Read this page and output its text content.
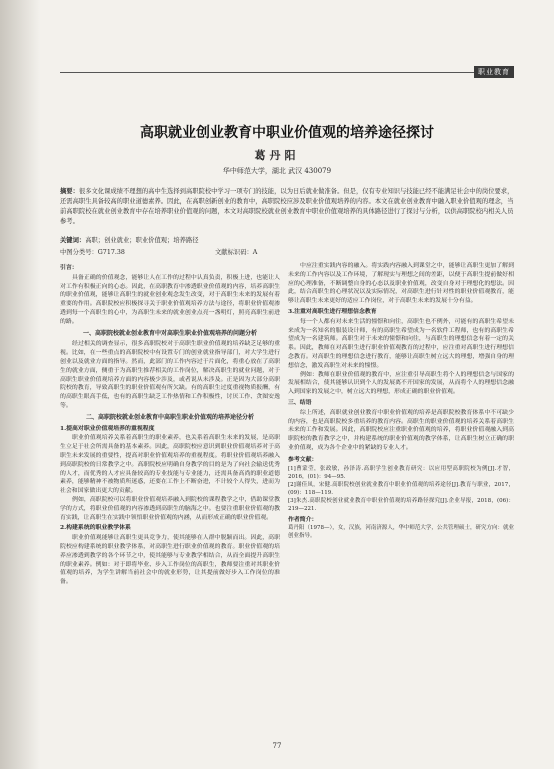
职业教育
高职就业创业教育中职业价值观的培养途径探讨
葛丹阳
华中师范大学，湖北 武汉 430079
摘要：很多文化课成绩不理想的高中生选择到高职院校中学习一项专门的技能，以为日后就业做准备。但是，仅有专业知识与技能已经不能满足社会中的岗位要求，还需高职生具备较高的职业道德素养。因此，在高职创新创业的教育中，高职院校应涉及职业价值观培养的内容。本文在就业创业教育中融入职业价值观的理念，当前高职院校在就业创业教育中存在培养职业价值观的问题，本文对高职院校就业创业教育中职业价值观培养的具体路径进行了探讨与分析，以供高职院校内相关人员参考。
关键词：高职；创业就业；职业价值观；培养路径
中图分类号：G717.38	文献标识码：A

引言：

具备正确的价值观念，能够让人在工作的过程中认真负责，积极上进，也能让人对工作有积极正向的心态。因此，在高职教育中渗透职业价值观的内容，培养高职生的职业价值观，能够让高职生的就业创业观念发生改变，对于高职生未来的发展有着重要的作用。高职院校应积极探寻关于职业价值观培养方法与途径，将职业价值观渗透到每一个高职生的心中，为高职生未来的就业创业点亮一盏明灯，照亮高职生前进的路。

一、高职院校就业创业教育中对高职生职业价值观培养的问题分析

经过相关的调查显示，很多高职院校对于高职生职业价值观的培养缺乏足够的重视。比如，在一些重点的高职院校中有设置专门的创业就业指导部门，对大学生进行创业以及就业方面的指导。然而，此部门的工作内容过于片面化，将重心放在了高职生的就业方面，侧重于为高职生推荐相关的工作岗位，解决高职生的就业问题，对于高职生职业价值观培养方面的内容极少涉及，或者说从未涉及。正是因为大部分高职院校的教育，导致高职生的职业价值观有所欠缺。有的高职生过度重视物质报酬，有的高职生眼高手低，也有的高职生缺乏工作热情和工作积极性，讨厌工作、贪图安逸等。

二、高职院校就业创业教育中高职生职业价值观的培养途径分析

1.提高对职业价值观培养的重视程度

职业价值观培养关系着高职生的职业素养，也关系着高职生未来的发展，是高职生立足于社会所需具备的基本素养。因此，高职院校应意识到职业价值观培养对于高职生未来发展的重要性，提高对职业价值观培养的重视程度。将职业价值观培养融入到高职院校的日常教学之中。高职院校应明确自身教学的目的是为了向社会输送优秀的人才，而优秀的人才应具备较高的专业技能与专业能力，还需具备高尚的职业道德素养，能够精神不被物质所迷惑，还要在工作上不断奋进，不计较个人得失，进而为社会和国家做出更大的贡献。

例如，高职院校可以将职业价值观培养融入到院校的课程教学之中，借助课堂教学的方式，将职业价值观的内容渗透到高职生的脑海之中。也要注重职业价值观的教育实践，让高职生在实践中领悟职业价值观的内涵，从而形成正确的职业价值观。

2.构建系统的职业教学体系

职业价值观能够让高职生更具竞争力，使其能够在人群中脱颖而出。因此，高职院校应构建系统的职业教学体系，对高职生进行职业价值观的教育。职业价值观的培养应渗透到教学的各个环节之中，使其能够与专业教学相结合，从而全面提升高职生的职业素养。例如：对于即将毕业、步入工作岗位的高职生，教师要注重对其职业价值观的培养，为学生讲解当前社会中的就业形势，让其提前做好步入工作岗位的准备。

中应注重实践内容的融入。将实践内容融入到课堂之中，能够让高职生更加了解到未来的工作内容以及工作环境，了解现实与理想之间的差距，以便于高职生提前做好相应的心理准备，不断调整自身的心态以及职业价值观，改变自身对于理想化的想法。因此，结合高职生的心理状况以及实际情况，对高职生进行针对性的职业价值观教育，能够让高职生未来更好的适应工作岗位，对于高职生未来的发展十分有益。

3.注重对高职生进行理想信念教育

每一个人都有对未来生活的憧憬和向往，高职生也不例外，可能有的高职生希望未来成为一名知名的服装设计师，有的高职生希望成为一名软件工程师，也有的高职生希望成为一名建筑师。高职生对于未来的憧憬和向往，与高职生的理想信念有着一定的关系。因此，教师在对高职生进行职业价值观教育的过程中，应注重对高职生进行理想信念教育。对高职生的理想信念进行教育，能够让高职生树立远大的理想，增强自身的理想信念，激发高职生对未来的憧憬。

例如：教师在职业价值观的教育中，应注重引导高职生将个人的理想信念与国家的发展相结合，使其能够认识到个人的发展离不开国家的发展，从而将个人的理想信念融入到国家的发展之中，树立远大的理想，形成正确的职业价值观。

三、结语

综上所述，高职就业创业教育中职业价值观的培养是高职院校教育体系中不可缺少的内容，也是高职院校多重培养的教育内容。高职生的职业价值观的培养关系着高职生未来的工作和发展。因此，高职院校应注重职业价值观的培养，将职业价值观融入到高职院校的教育教学之中，并构建系统的职业价值观的教学体系，让高职生树立正确的职业价值观，成为各个企业中的紧缺的专业人才。

参考文献：

[1]曹蒙莹，张政敏，孙泽涛.高职学生创业教育研究：以应用型高职院校为例[J].才智，2016，(01)：94—95.

[2]谢佳凤，宋健.高职院校创业就业教育中职业价值观的培养途径[J].教育与职业，2017，(09)：118—119.

[3]朱杰.高职院校创业就业教育中职业价值观的培养路径探究[J].企业导报，2018，(06)：219—221.

作者简介：

葛丹阳（1978—），女，汉族，河南济源人，华中师范大学，公共管理硕士，研究方向：就业创业指导。

77
